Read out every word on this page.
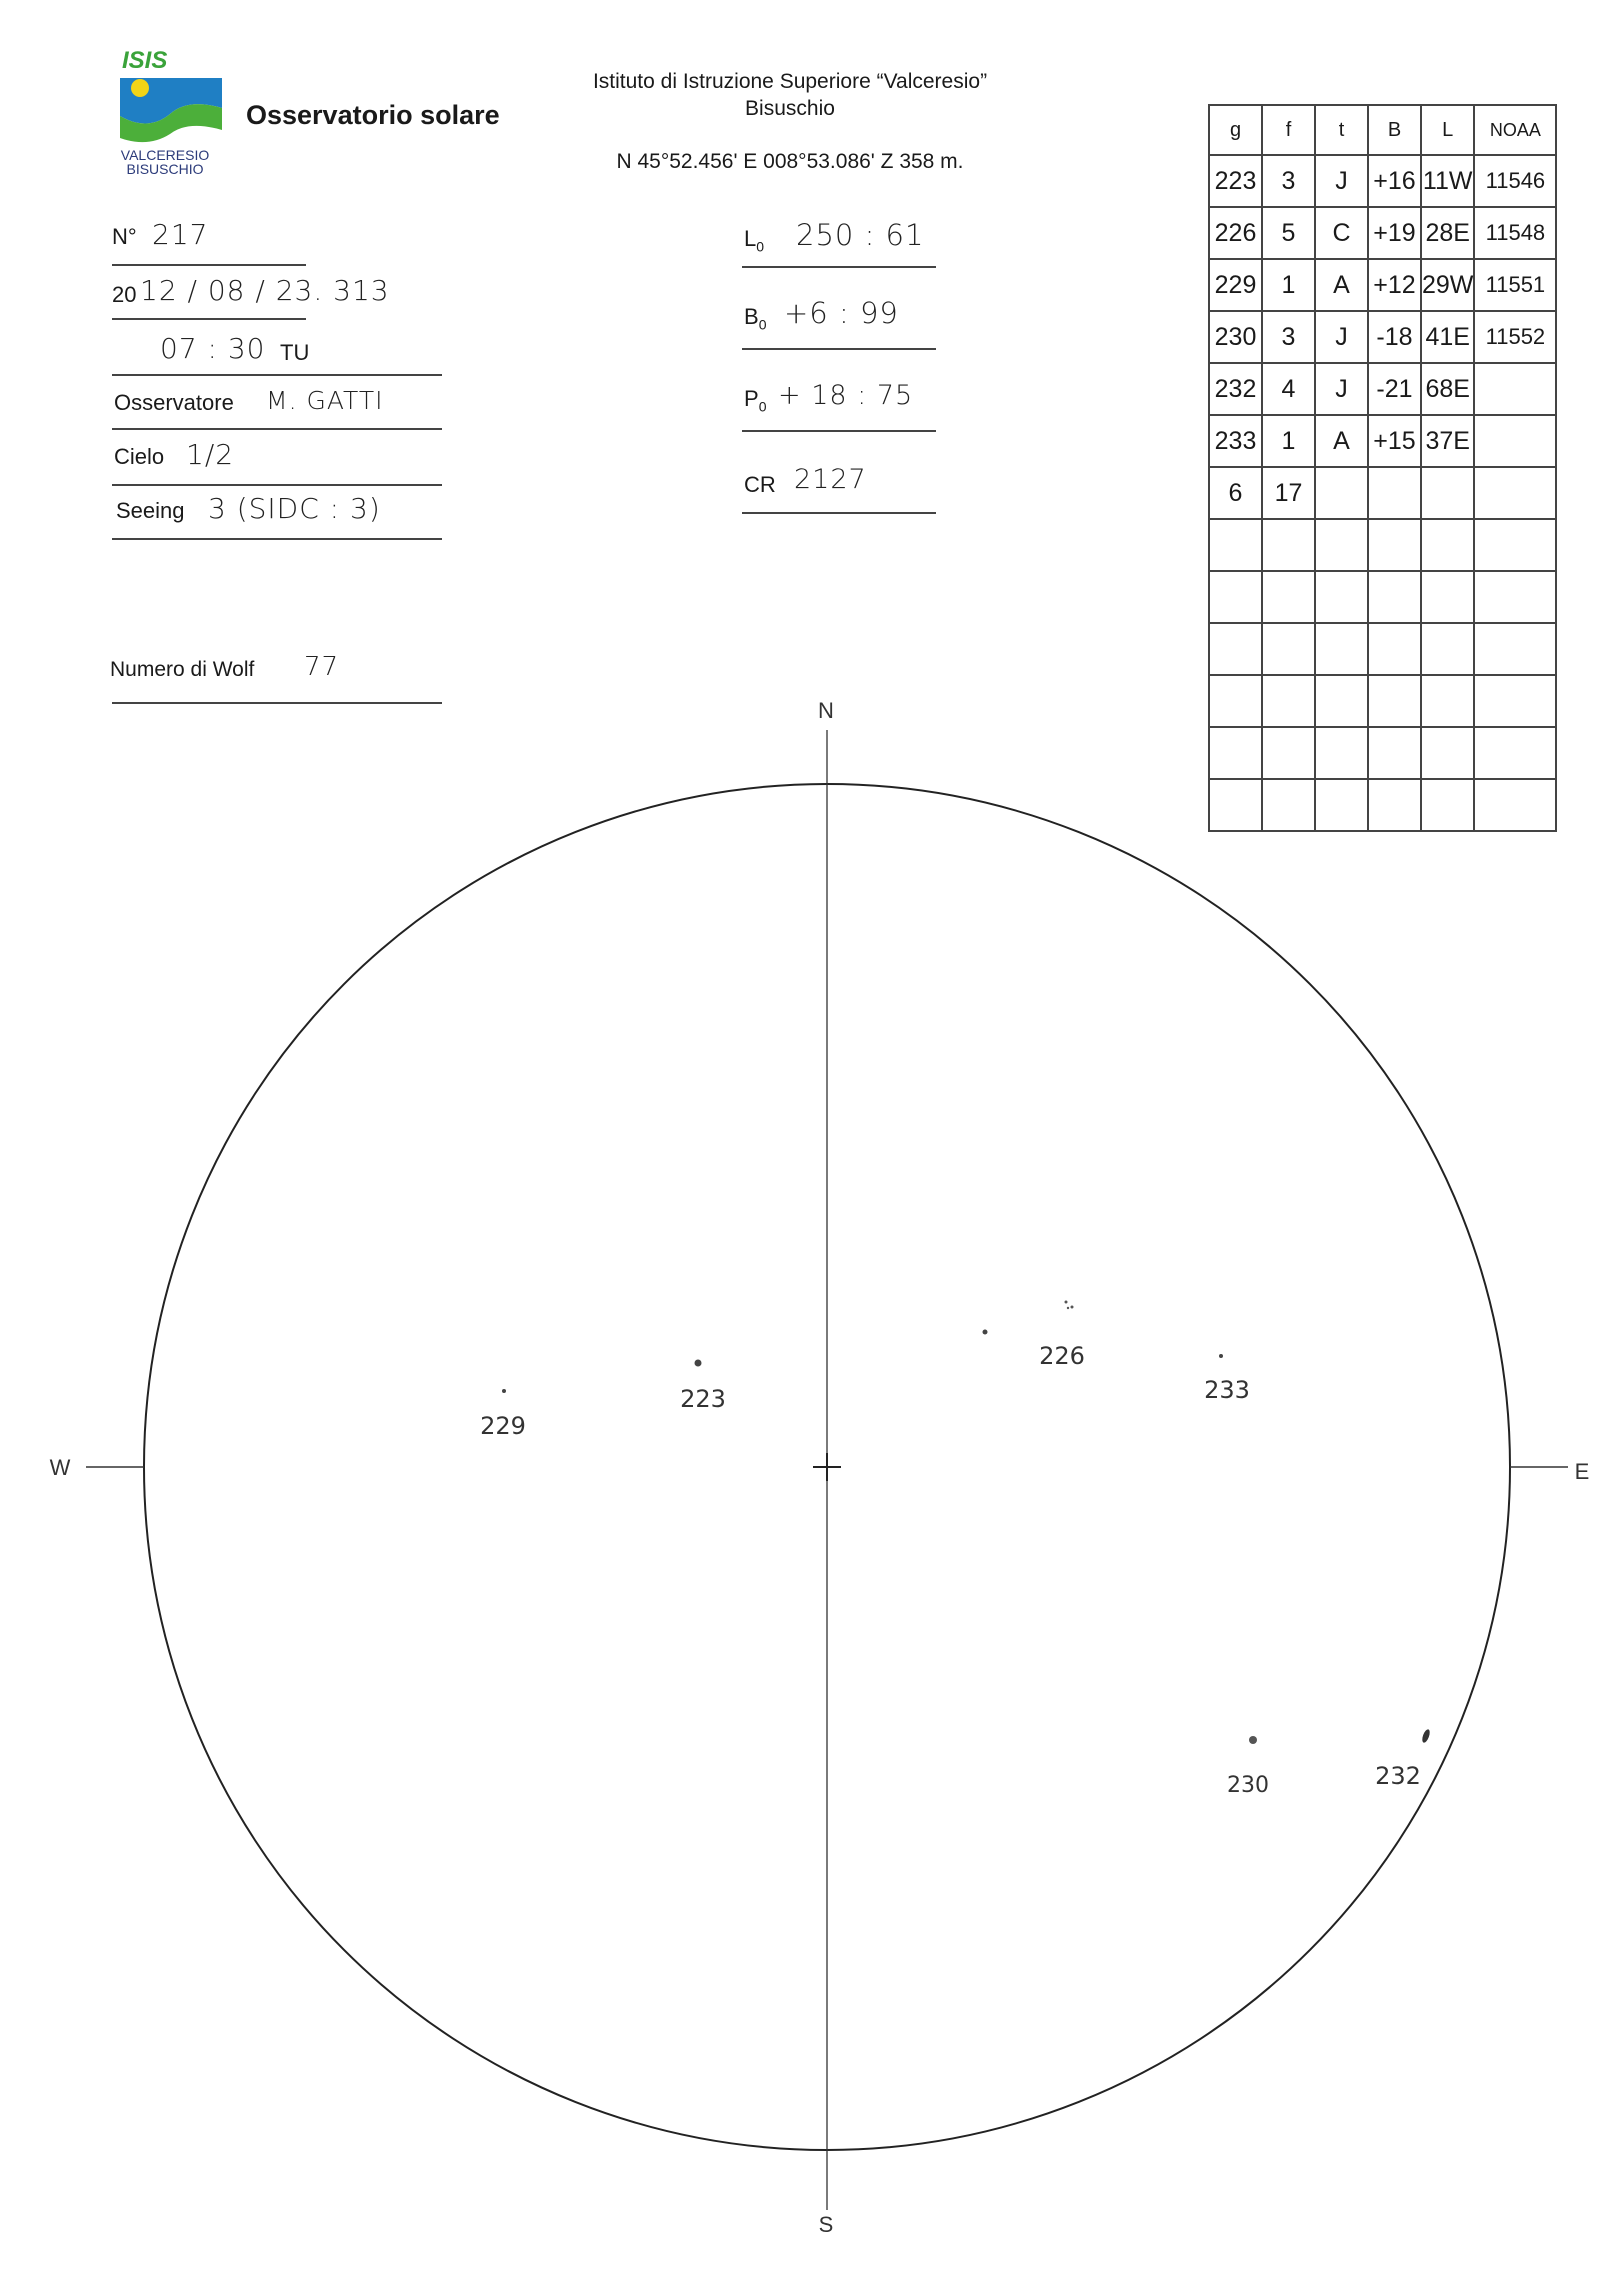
ISIS
VALCERESIO
BISUSCHIO
Osservatorio solare
Istituto di Istruzione Superiore “Valceresio”
Bisuschio
N 45°52.456' E 008°53.086' Z 358 m.
N° 217
20 12 / 08 / 23. 313
07 : 30 TU
Osservatore M. GATTI
Cielo 1/2
Seeing 3 (SIDC : 3)
Numero di Wolf 77
$L_0$ 250 : 61
$B_0 +6$ : 99
$P_0 + 18$ : 75
CR 2127
g	f	t	B	L	NOAA
223	3	J	+16	11W	11546
226	5	C	+19	28E	11548
229	1	A	+12	29W	11551
230	3	J	-18	41E	11552
232	4	J	-21	68E	
233	1	A	+15	37E	
6	17				

N
S
W	E
223
226
229
230	232
233
